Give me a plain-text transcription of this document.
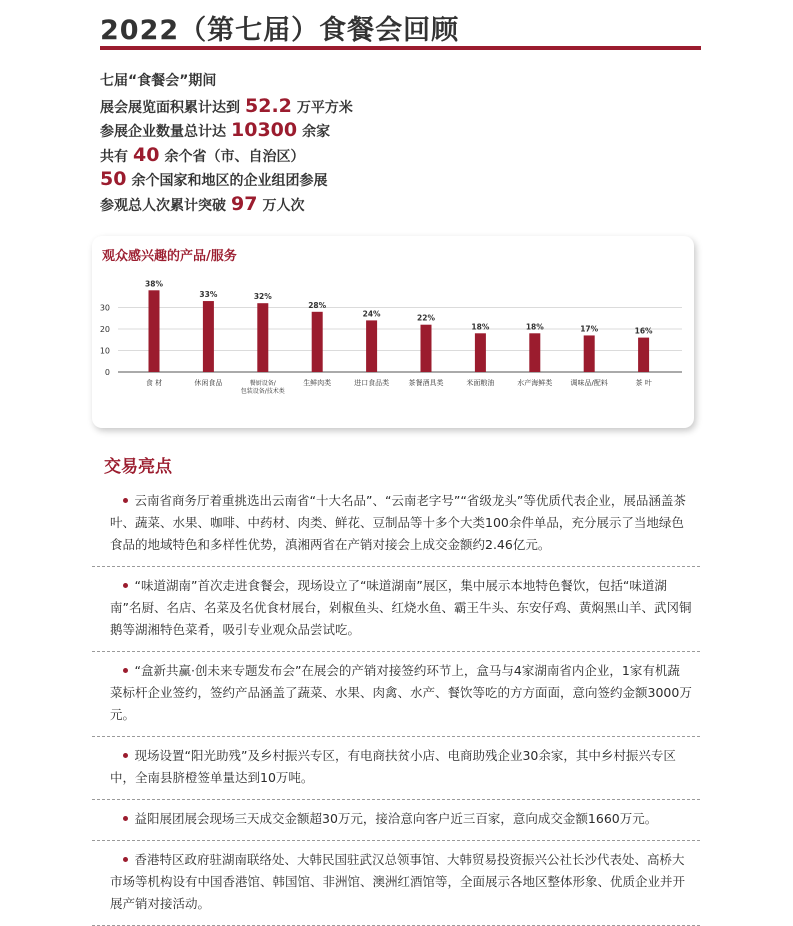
2022（第七届）食餐会回顾
七届“食餐会”期间
展会展览面积累计达到 52.2 万平方米
参展企业数量总计达 10300 余家
共有 40 余个省（市、自治区）
50 余个国家和地区的企业组团参展
参观总人次累计突破 97 万人次
观众感兴趣的产品/服务
0
10
20
30
38%
食 材
33%
休闲食品
32%
餐厨设备/
包装设备/技术类
28%
生鲜肉类
24%
进口食品类
22%
茶餐酒具类
18%
米面粮油
18%
水产海鲜类
17%
调味品/配料
16%
茶 叶
交易亮点

云南省商务厅着重挑选出云南省“十大名品”、“云南老字号”“省级龙头”等优质代表企业，展品涵盖茶叶、蔬菜、水果、咖啡、中药材、肉类、鲜花、豆制品等十多个大类100余件单品，充分展示了当地绿色食品的地域特色和多样性优势，滇湘两省在产销对接会上成交金额约2.46亿元。

“味道湖南”首次走进食餐会，现场设立了“味道湖南”展区，集中展示本地特色餐饮，包括“味道湖南”名厨、名店、名菜及名优食材展台，剁椒鱼头、红烧水鱼、霸王牛头、东安仔鸡、黄焖黑山羊、武冈铜鹅等湖湘特色菜肴，吸引专业观众品尝试吃。

“盒新共赢·创未来专题发布会”在展会的产销对接签约环节上，盒马与4家湖南省内企业，1家有机蔬菜标杆企业签约，签约产品涵盖了蔬菜、水果、肉禽、水产、餐饮等吃的方方面面，意向签约金额3000万元。

现场设置“阳光助残”及乡村振兴专区，有电商扶贫小店、电商助残企业30余家，其中乡村振兴专区中，全南县脐橙签单量达到10万吨。

益阳展团展会现场三天成交金额超30万元，接洽意向客户近三百家，意向成交金额1660万元。

香港特区政府驻湖南联络处、大韩民国驻武汉总领事馆、大韩贸易投资振兴公社长沙代表处、高桥大市场等机构设有中国香港馆、韩国馆、非洲馆、澳洲红酒馆等，全面展示各地区整体形象、优质企业并开展产销对接活动。
